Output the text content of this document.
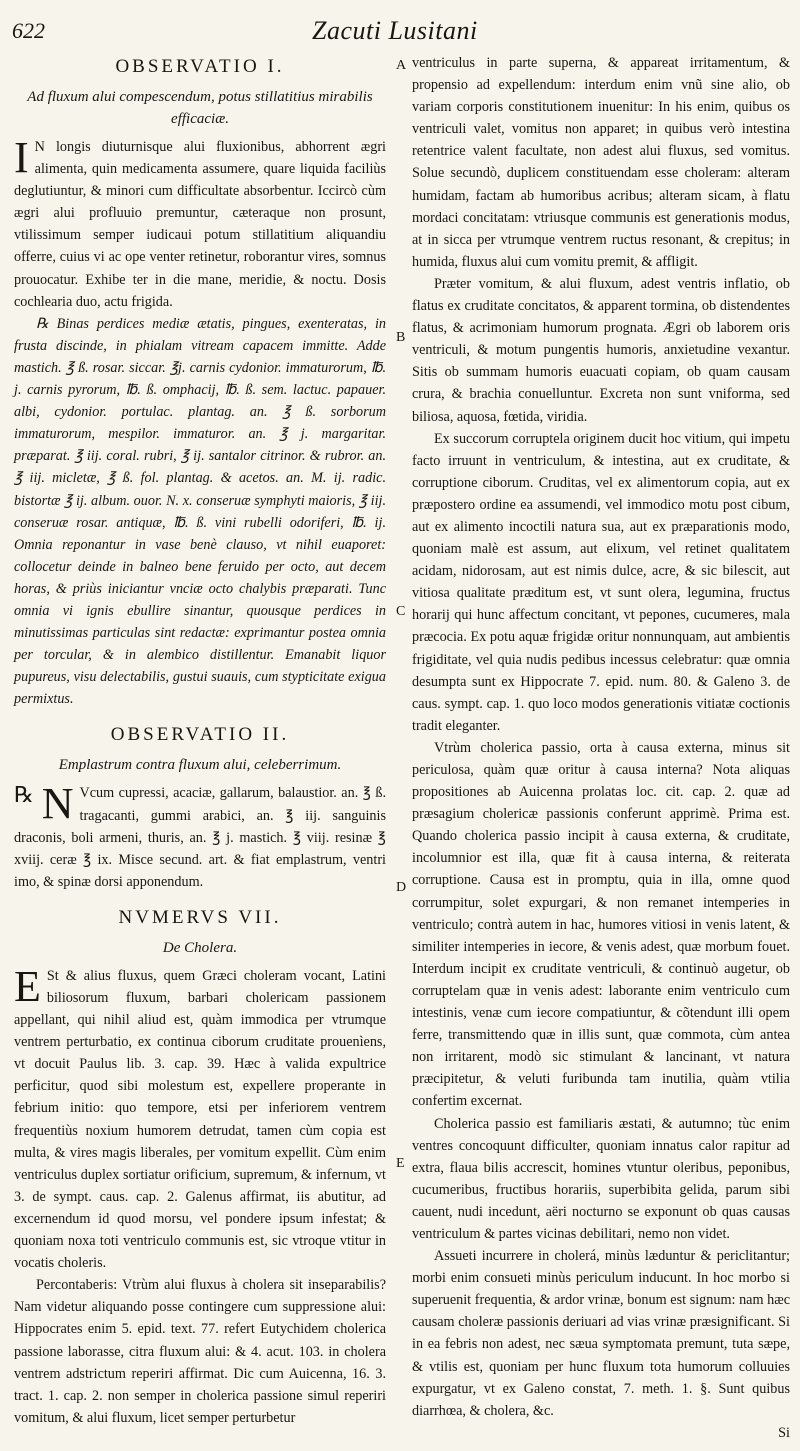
622	Zacuti Lusitani
A
B
C
D
E
OBSERVATIO I.
Ad fluxum alui compescendum, potus stillatitius mirabilis efficaciæ.

I N longis diuturnisque alui fluxionibus, abhorrent ægri alimenta, quin medicamenta assumere, quare liquida faciliùs deglutiuntur, & minori cum difficultate absorbentur. Iccircò cùm ægri alui profluuio premuntur, cæteraque non prosunt, vtilissimum semper iudicaui potum stillatitium aliquandiu offerre, cuius vi ac ope venter retinetur, roborantur vires, somnus prouocatur. Exhibe ter in die mane, meridie, & noctu. Dosis cochlearia duo, actu frigida.

℞ Binas perdices mediæ ætatis, pingues, exenteratas, in frusta discinde, in phialam vitream capacem immitte. Adde mastich. ℥ ß. rosar. siccar. ℥j. carnis cydonior. immaturorum, ℔. j. carnis pyrorum, ℔. ß. omphacij, ℔. ß. sem. lactuc. papauer. albi, cydonior. portulac. plantag. an. ℥ ß. sorborum immaturorum, mespilor. immaturor. an. ℥ j. margaritar. præparat. ℥ iij. coral. rubri, ℥ ij. santalor citrinor. & rubror. an. ℥ iij. micletæ, ℥ ß. fol. plantag. & acetos. an. M. ij. radic. bistortæ ℥ ij. album. ouor. N. x. conseruæ symphyti maioris, ℥ iij. conseruæ rosar. antiquæ, ℔. ß. vini rubelli odoriferi, ℔. ij. Omnia reponantur in vase benè clauso, vt nihil euaporet: collocetur deinde in balneo bene feruido per octo, aut decem horas, & priùs iniciantur vnciæ octo chalybis præparati. Tunc omnia vi ignis ebullire sinantur, quousque perdices in minutissimas particulas sint redactæ: exprimantur postea omnia per torcular, & in alembico distillentur. Emanabit liquor pupureus, visu delectabilis, gustui suauis, cum stypticitate exigua permixtus.

OBSERVATIO II.
Emplastrum contra fluxum alui, celeberrimum.

℞ N Vcum cupressi, acaciæ, gallarum, balaustior. an. ℥ ß. tragacanti, gummi arabici, an. ℥ iij. sanguinis draconis, boli armeni, thuris, an. ℥ j. mastich. ℥ viij. resinæ ℥ xviij. ceræ ℥ ix. Misce secund. art. & fiat emplastrum, ventri imo, & spinæ dorsi apponendum.

NVMERVS VII.
De Cholera.

E St & alius fluxus, quem Græci choleram vocant, Latini biliosorum fluxum, barbari cholericam passionem appellant, qui nihil aliud est, quàm immodica per vtrumque ventrem perturbatio, ex continua ciborum cruditate prouenìens, vt docuit Paulus lib. 3. cap. 39. Hæc à valida expultrice perficitur, quod sibi molestum est, expellere properante in febrium initio: quo tempore, etsi per inferiorem ventrem frequentiùs noxium humorem detrudat, tamen cùm copia est multa, & vires magis liberales, per vomitum expellit. Cùm enim ventriculus duplex sortiatur orificium, supremum, & infernum, vt 3. de sympt. caus. cap. 2. Galenus affirmat, iis abutitur, ad excernendum id quod morsu, vel pondere ipsum infestat; & quoniam noxa toti ventriculo communis est, sic vtroque vtitur in vocatis choleris.

Percontaberis: Vtrùm alui fluxus à cholera sit inseparabilis? Nam videtur aliquando posse contingere cum suppressione alui: Hippocrates enim 5. epid. text. 77. refert Eutychidem cholerica passione laborasse, citra fluxum alui: & 4. acut. 103. in cholera ventrem adstrictum reperiri affirmat. Dic cum Auicenna, 16. 3. tract. 1. cap. 2. non semper in cholerica passione simul reperiri vomitum, & alui fluxum, licet semper perturbetur

ventriculus in parte superna, & appareat irritamentum, & propensio ad expellendum: interdum enim vnũ sine alio, ob variam corporis constitutionem inuenitur: In his enim, quibus os ventriculi valet, vomitus non apparet; in quibus verò intestina retentrice valent facultate, non adest alui fluxus, sed vomitus. Solue secundò, duplicem constituendam esse choleram: alteram humidam, factam ab humoribus acribus; alteram sicam, à flatu mordaci concitatam: vtriusque communis est generationis modus, at in sicca per vtrumque ventrem ructus resonant, & crepitus; in humida, fluxus alui cum vomitu premit, & affligit.

Præter vomitum, & alui fluxum, adest ventris inflatio, ob flatus ex cruditate concitatos, & apparent tormina, ob distendentes flatus, & acrimoniam humorum prognata. Ægri ob laborem oris ventriculi, & motum pungentis humoris, anxietudine vexantur. Sitis ob summam humoris euacuati copiam, ob quam causam crura, & brachia conuelluntur. Excreta non sunt vniforma, sed biliosa, aquosa, fœtida, viridia.

Ex succorum corruptela originem ducit hoc vitium, qui impetu facto irruunt in ventriculum, & intestina, aut ex cruditate, & corruptione ciborum. Cruditas, vel ex alimentorum copia, aut ex præpostero ordine ea assumendi, vel immodico motu post cibum, aut ex alimento incoctili natura sua, aut ex præparationis modo, quoniam malè est assum, aut elixum, vel retinet qualitatem acidam, nidorosam, aut est nimis dulce, acre, & sic bilescit, aut vitiosa qualitate præditum est, vt sunt olera, legumina, fructus horarij qui hunc affectum concitant, vt pepones, cucumeres, mala præcocia. Ex potu aquæ frigidæ oritur nonnunquam, aut ambientis frigiditate, vel quia nudis pedibus incessus celebratur: quæ omnia desumpta sunt ex Hippocrate 7. epid. num. 80. & Galeno 3. de caus. sympt. cap. 1. quo loco modos generationis vitiatæ coctionis tradit eleganter.

Vtrùm cholerica passio, orta à causa externa, minus sit periculosa, quàm quæ oritur à causa interna? Nota aliquas propositiones ab Auicenna prolatas loc. cit. cap. 2. quæ ad præsagium cholericæ passionis conferunt apprimè. Prima est. Quando cholerica passio incipit à causa externa, & cruditate, incolumnior est illa, quæ fit à causa interna, & reiterata corruptione. Causa est in promptu, quia in illa, omne quod corrumpitur, solet expurgari, & non remanet intemperies in ventriculo; contrà autem in hac, humores vitiosi in venis latent, & similiter intemperies in iecore, & venis adest, quæ morbum fouet. Interdum incipit ex cruditate ventriculi, & continuò augetur, ob corruptelam quæ in venis adest: laborante enim ventriculo cum intestinis, venæ cum iecore compatiuntur, & cõtendunt illi opem ferre, transmittendo quæ in illis sunt, quæ commota, cùm antea non irritarent, modò sic stimulant & lancinant, vt natura præcipitetur, & veluti furibunda tam inutilia, quàm vtilia confertim excernat.

Cholerica passio est familiaris æstati, & autumno; tùc enim ventres concoquunt difficulter, quoniam innatus calor rapitur ad extra, flaua bilis accrescit, homines vtuntur oleribus, peponibus, cucumeribus, fructibus horariis, superbibita gelida, parum sibi cauent, nudi incedunt, aëri nocturno se exponunt ob quas causas ventriculum & partes vicinas debilitari, nemo non videt.

Assueti incurrere in cholerá, minùs læduntur & periclitantur; morbi enim consueti minùs periculum inducunt. In hoc morbo si superuenit frequentia, & ardor vrinæ, bonum est signum: nam hæc causam choleræ passionis deriuari ad vias vrinæ præsignificant. Si in ea febris non adest, nec sæua symptomata premunt, tuta sæpe, & vtilis est, quoniam per hunc fluxum tota humorum colluuies expurgatur, vt ex Galeno constat, 7. meth. 1. §. Sunt quibus diarrhœa, & cholera, &c.

Si
